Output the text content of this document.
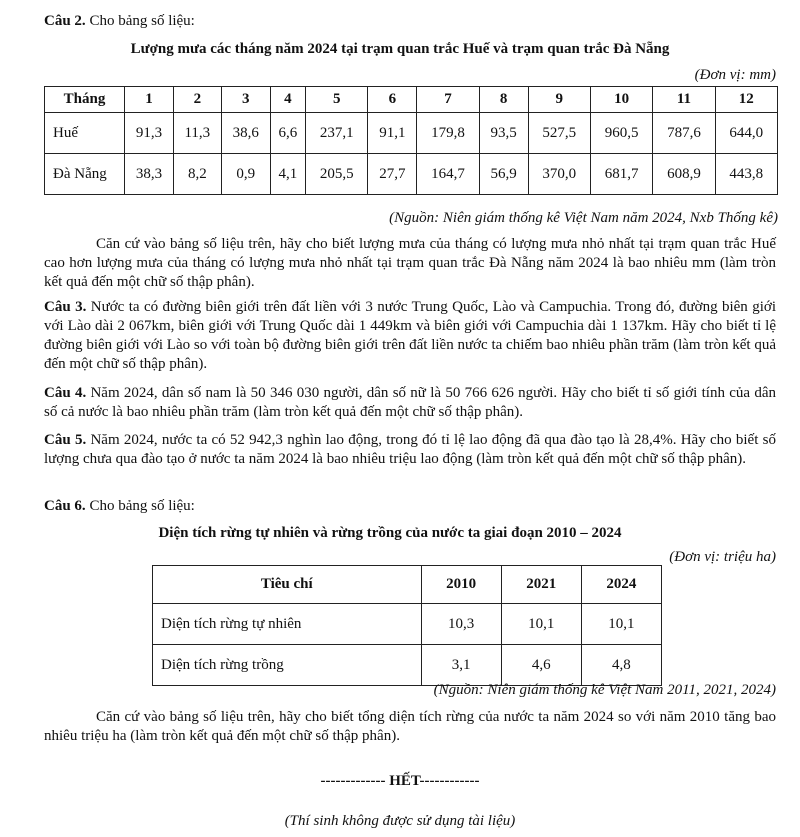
Câu 2. Cho bảng số liệu:
Lượng mưa các tháng năm 2024 tại trạm quan trắc Huế và trạm quan trắc Đà Nẵng
(Đơn vị: mm)
Tháng	1	2	3	4	5	6	7	8	9	10	11	12
Huế	91,3	11,3	38,6	6,6	237,1	91,1	179,8	93,5	527,5	960,5	787,6	644,0
Đà Nẵng	38,3	8,2	0,9	4,1	205,5	27,7	164,7	56,9	370,0	681,7	608,9	443,8
(Nguồn: Niên giám thống kê Việt Nam năm 2024, Nxb Thống kê)
Căn cứ vào bảng số liệu trên, hãy cho biết lượng mưa của tháng có lượng mưa nhỏ nhất tại trạm quan trắc Huế cao hơn lượng mưa của tháng có lượng mưa nhỏ nhất tại trạm quan trắc Đà Nẵng năm 2024 là bao nhiêu mm (làm tròn kết quả đến một chữ số thập phân).
Câu 3. Nước ta có đường biên giới trên đất liền với 3 nước Trung Quốc, Lào và Campuchia. Trong đó, đường biên giới với Lào dài 2 067km, biên giới với Trung Quốc dài 1 449km và biên giới với Campuchia dài 1 137km. Hãy cho biết tỉ lệ đường biên giới với Lào so với toàn bộ đường biên giới trên đất liền nước ta chiếm bao nhiêu phần trăm (làm tròn kết quả đến một chữ số thập phân).
Câu 4. Năm 2024, dân số nam là 50 346 030 người, dân số nữ là 50 766 626 người. Hãy cho biết tỉ số giới tính của dân số cả nước là bao nhiêu phần trăm (làm tròn kết quả đến một chữ số thập phân).
Câu 5. Năm 2024, nước ta có 52 942,3 nghìn lao động, trong đó tỉ lệ lao động đã qua đào tạo là 28,4%. Hãy cho biết số lượng chưa qua đào tạo ở nước ta năm 2024 là bao nhiêu triệu lao động (làm tròn kết quả đến một chữ số thập phân).
Câu 6. Cho bảng số liệu:
Diện tích rừng tự nhiên và rừng trồng của nước ta giai đoạn 2010 – 2024
(Đơn vị: triệu ha)
Tiêu chí	2010	2021	2024
Diện tích rừng tự nhiên	10,3	10,1	10,1
Diện tích rừng trồng	3,1	4,6	4,8
(Nguồn: Niên giám thống kê Việt Nam 2011, 2021, 2024)
Căn cứ vào bảng số liệu trên, hãy cho biết tổng diện tích rừng của nước ta năm 2024 so với năm 2010 tăng bao nhiêu triệu ha (làm tròn kết quả đến một chữ số thập phân).
------------- HẾT------------
(Thí sinh không được sử dụng tài liệu)
